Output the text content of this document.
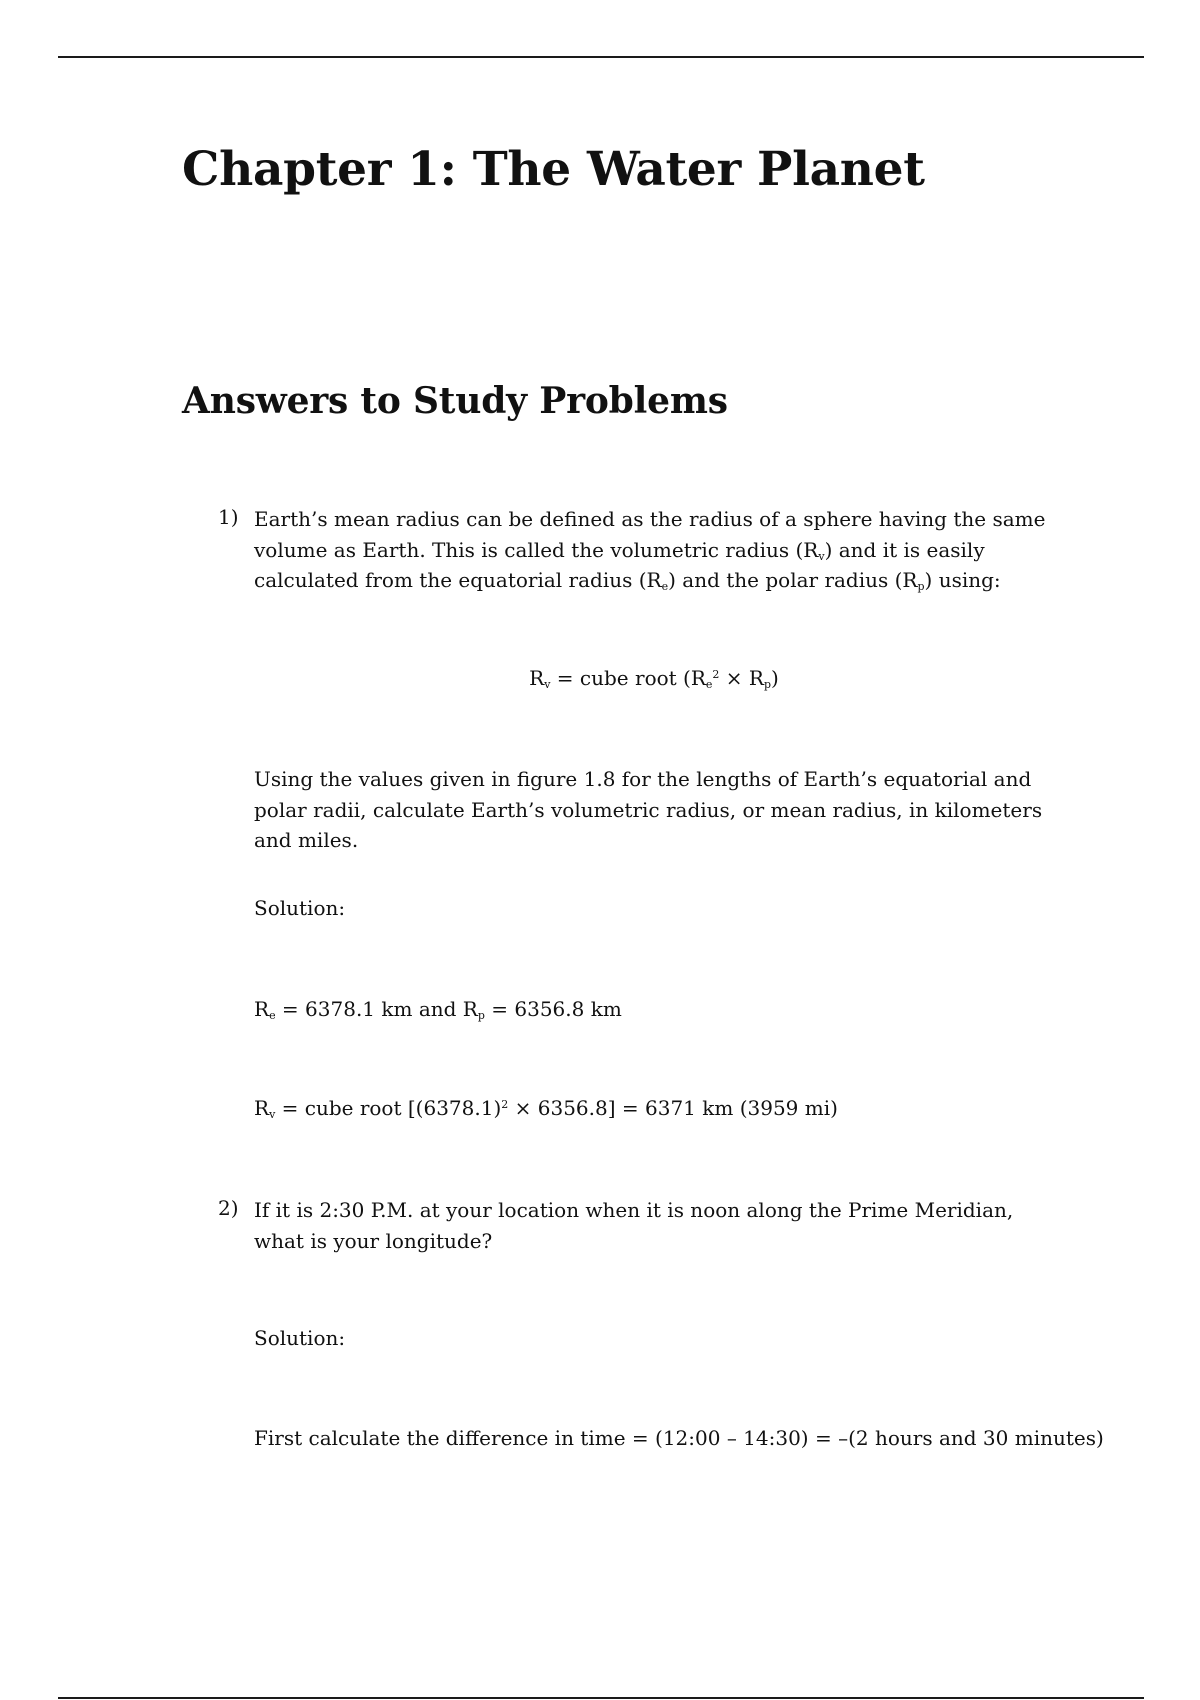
Chapter 1: The Water Planet
Answers to Study Problems
1) Earth’s mean radius can be defined as the radius of a sphere having the same volume as Earth. This is called the volumetric radius $(R_v)$ and it is easily calculated from the equatorial radius $(R_e)$ and the polar radius $(R_p)$ using:
$R_v$ = cube root $(R_e^2 \times R_p)$
Using the values given in figure 1.8 for the lengths of Earth’s equatorial and polar radii, calculate Earth’s volumetric radius, or mean radius, in kilometers and miles.
Solution:
$R_e = 6378.1$ km and $R_p = 6356.8$ km
$R_v$ = cube root $[(6378.1)^2 \times 6356.8] = 6371$ km (3959 mi)
2) If it is 2:30 P.M. at your location when it is noon along the Prime Meridian, what is your longitude?
Solution:
First calculate the difference in time = (12:00 – 14:30) = –(2 hours and 30 minutes)
